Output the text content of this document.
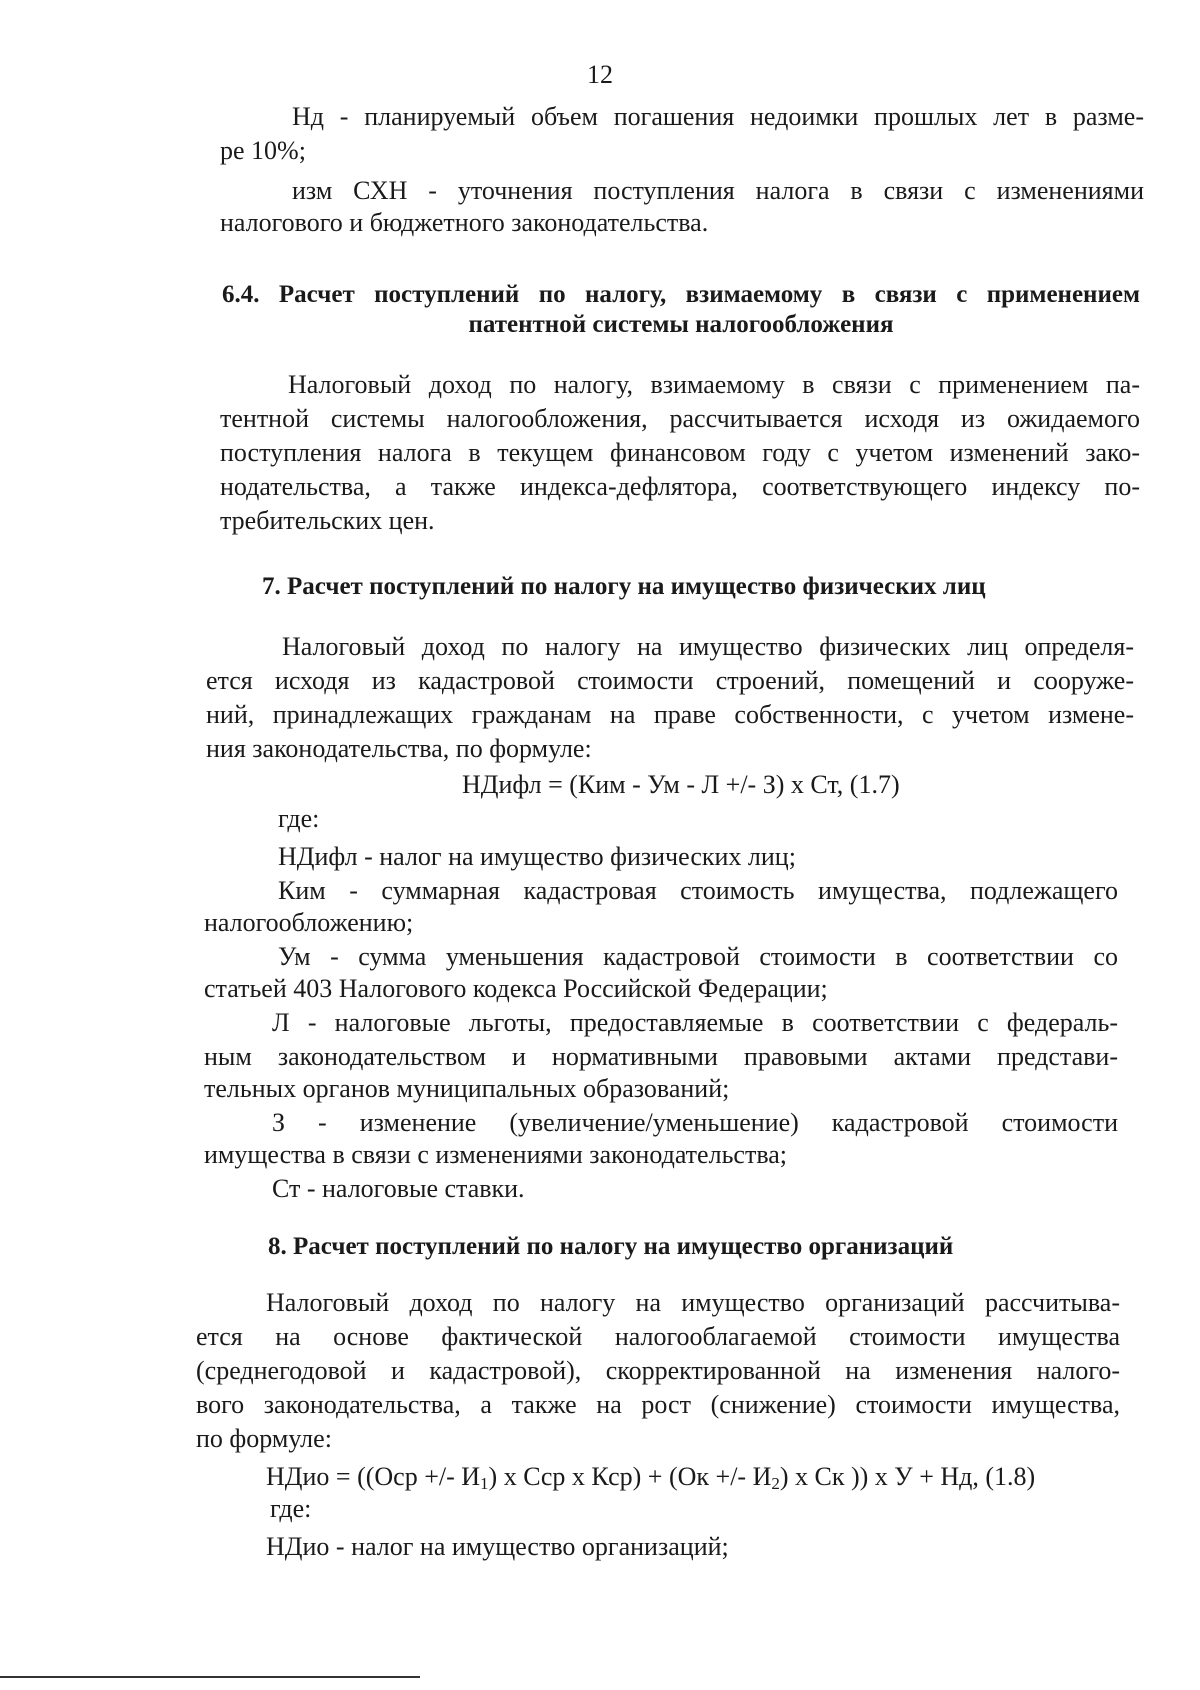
12
Нд - планируемый объем погашения недоимки прошлых лет в разме-
ре 10%;
изм СХН - уточнения поступления налога в связи с изменениями
налогового и бюджетного законодательства.
6.4. Расчет поступлений по налогу, взимаемому в связи с применением
патентной системы налогообложения
Налоговый доход по налогу, взимаемому в связи с применением па-
тентной системы налогообложения, рассчитывается исходя из ожидаемого
поступления налога в текущем финансовом году с учетом изменений зако-
нодательства, а также индекса-дефлятора, соответствующего индексу по-
требительских цен.
7. Расчет поступлений по налогу на имущество физических лиц
Налоговый доход по налогу на имущество физических лиц определя-
ется исходя из кадастровой стоимости строений, помещений и сооруже-
ний, принадлежащих гражданам на праве собственности, с учетом измене-
ния законодательства, по формуле:
НДифл = (Ким - Ум - Л +/- З) х Ст, (1.7)
где:
НДифл - налог на имущество физических лиц;
Ким - суммарная кадастровая стоимость имущества, подлежащего
налогообложению;
Ум - сумма уменьшения кадастровой стоимости в соответствии со
статьей 403 Налогового кодекса Российской Федерации;
Л - налоговые льготы, предоставляемые в соответствии с федераль-
ным законодательством и нормативными правовыми актами представи-
тельных органов муниципальных образований;
З - изменение (увеличение/уменьшение) кадастровой стоимости
имущества в связи с изменениями законодательства;
Ст - налоговые ставки.
8. Расчет поступлений по налогу на имущество организаций
Налоговый доход по налогу на имущество организаций рассчитыва-
ется на основе фактической налогооблагаемой стоимости имущества
(среднегодовой и кадастровой), скорректированной на изменения налого-
вого законодательства, а также на рост (снижение) стоимости имущества,
по формуле:
НДио = ((Оср +/- $И_1$) х Сср х Кср) + (Ок +/- $И_2$) х Ск )) х У + Нд, (1.8)
где:
НДио - налог на имущество организаций;
